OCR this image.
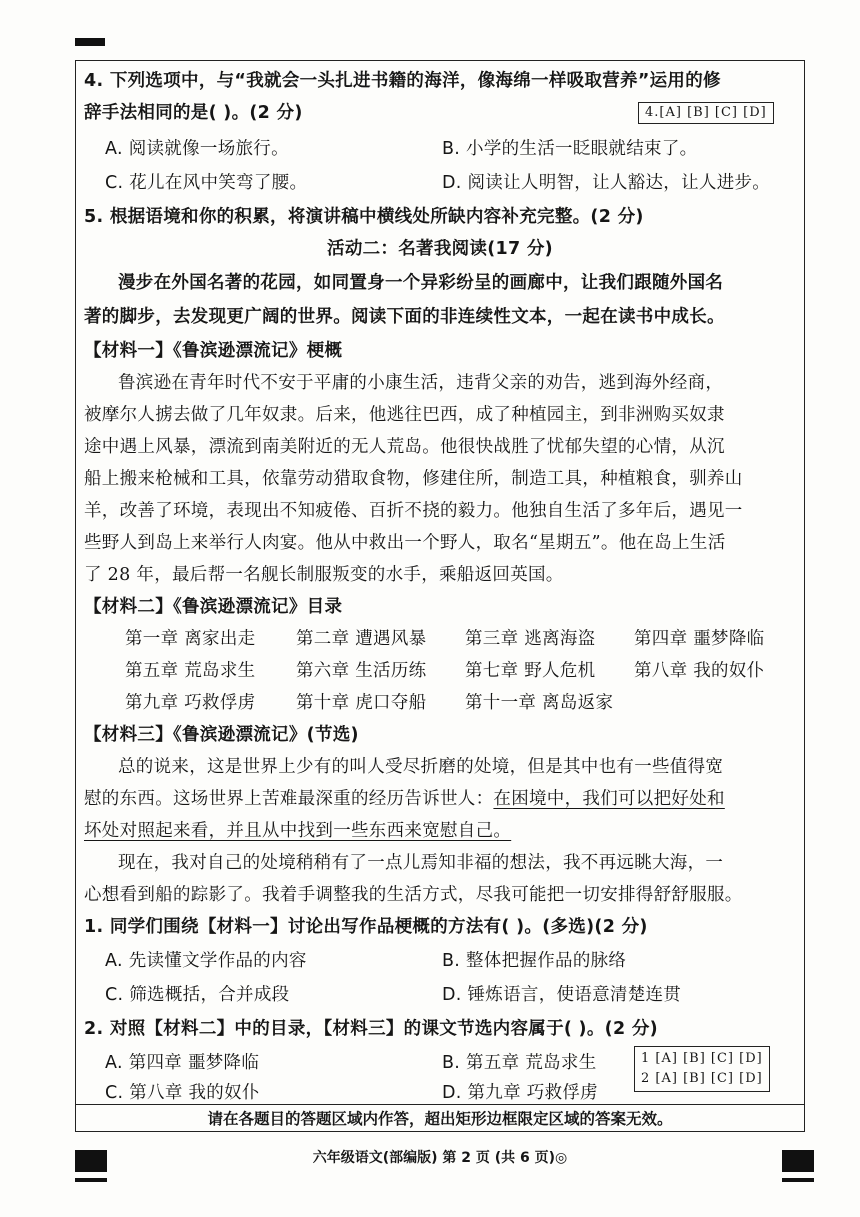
4. 下列选项中，与“我就会一头扎进书籍的海洋，像海绵一样吸取营养”运用的修
辞手法相同的是( )。(2 分)	4.[A] [B] [C] [D]
A. 阅读就像一场旅行。	B. 小学的生活一眨眼就结束了。
C. 花儿在风中笑弯了腰。	D. 阅读让人明智，让人豁达，让人进步。
5. 根据语境和你的积累，将演讲稿中横线处所缺内容补充完整。(2 分)
活动二：名著我阅读(17 分)
漫步在外国名著的花园，如同置身一个异彩纷呈的画廊中，让我们跟随外国名
著的脚步，去发现更广阔的世界。阅读下面的非连续性文本，一起在读书中成长。
【材料一】《鲁滨逊漂流记》梗概
鲁滨逊在青年时代不安于平庸的小康生活，违背父亲的劝告，逃到海外经商，
被摩尔人掳去做了几年奴隶。后来，他逃往巴西，成了种植园主，到非洲购买奴隶
途中遇上风暴，漂流到南美附近的无人荒岛。他很快战胜了忧郁失望的心情，从沉
船上搬来枪械和工具，依靠劳动猎取食物，修建住所，制造工具，种植粮食，驯养山
羊，改善了环境，表现出不知疲倦、百折不挠的毅力。他独自生活了多年后，遇见一
些野人到岛上来举行人肉宴。他从中救出一个野人，取名“星期五”。他在岛上生活
了 28 年，最后帮一名舰长制服叛变的水手，乘船返回英国。
【材料二】《鲁滨逊漂流记》目录
第一章 离家出走 第二章 遭遇风暴 第三章 逃离海盗 第四章 噩梦降临
第五章 荒岛求生 第六章 生活历练 第七章 野人危机 第八章 我的奴仆
第九章 巧救俘虏 第十章 虎口夺船 第十一章 离岛返家
【材料三】《鲁滨逊漂流记》(节选)
总的说来，这是世界上少有的叫人受尽折磨的处境，但是其中也有一些值得宽
慰的东西。这场世界上苦难最深重的经历告诉世人：在困境中，我们可以把好处和
坏处对照起来看，并且从中找到一些东西来宽慰自己。
现在，我对自己的处境稍稍有了一点儿焉知非福的想法，我不再远眺大海，一
心想看到船的踪影了。我着手调整我的生活方式，尽我可能把一切安排得舒舒服服。
1. 同学们围绕【材料一】讨论出写作品梗概的方法有( )。(多选)(2 分)
A. 先读懂文学作品的内容	B. 整体把握作品的脉络
C. 筛选概括，合并成段	D. 锤炼语言，使语意清楚连贯
2. 对照【材料二】中的目录，【材料三】的课文节选内容属于( )。(2 分)
A. 第四章 噩梦降临	B. 第五章 荒岛求生
C. 第八章 我的奴仆	D. 第九章 巧救俘虏
1 [A] [B] [C] [D]
2 [A] [B] [C] [D]
请在各题目的答题区域内作答，超出矩形边框限定区域的答案无效。
六年级语文(部编版) 第 2 页 (共 6 页)◎
